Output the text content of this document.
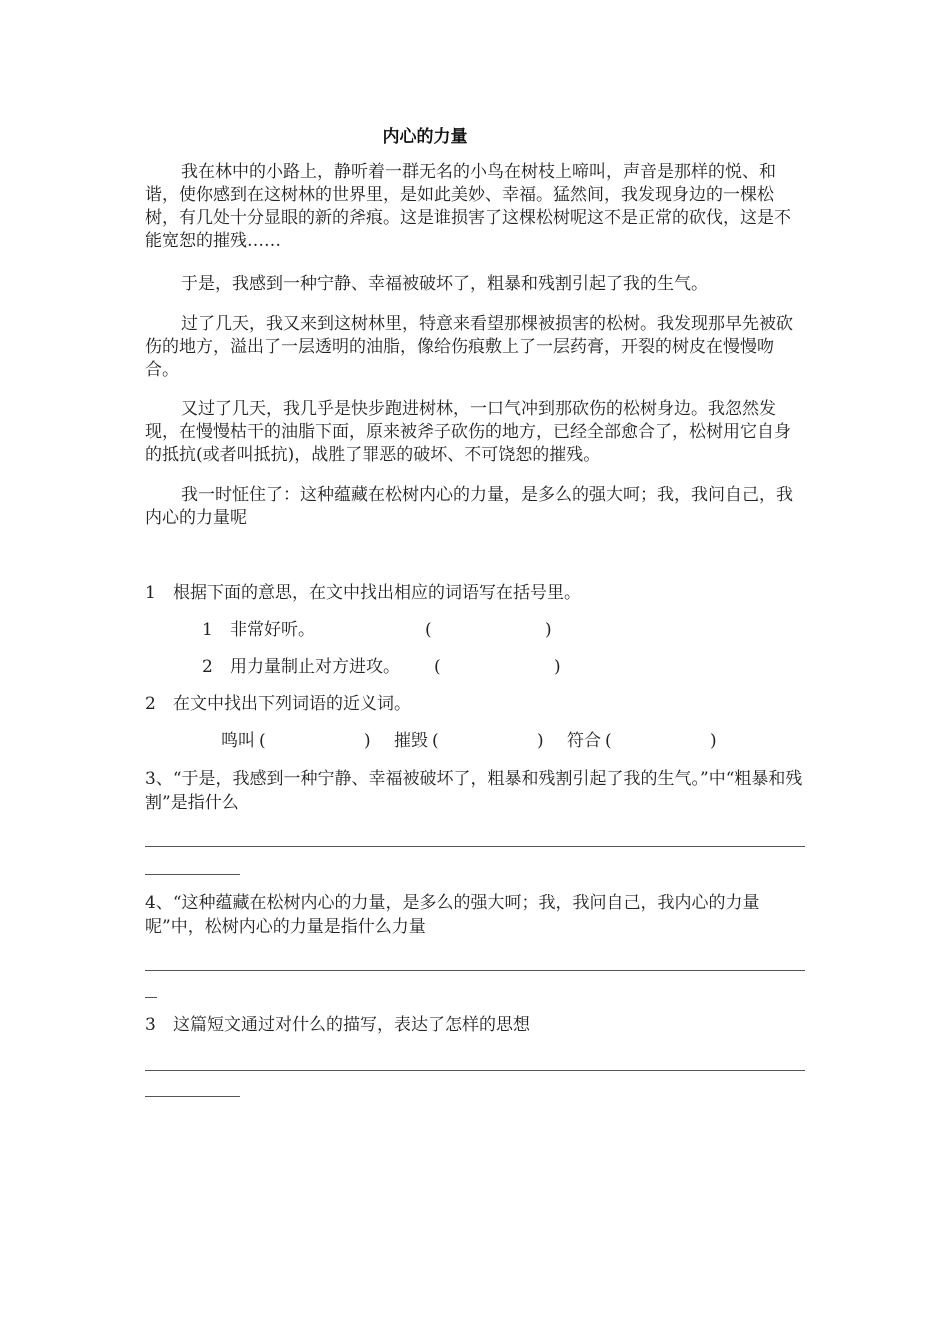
内心的力量

我在林中的小路上，静听着一群无名的小鸟在树枝上啼叫，声音是那样的悦、和谐，使你感到在这树林的世界里，是如此美妙、幸福。猛然间，我发现身边的一棵松树，有几处十分显眼的新的斧痕。这是谁损害了这棵松树呢这不是正常的砍伐，这是不能宽恕的摧残……

于是，我感到一种宁静、幸福被破坏了，粗暴和残割引起了我的生气。

过了几天，我又来到这树林里，特意来看望那棵被损害的松树。我发现那早先被砍伤的地方，溢出了一层透明的油脂，像给伤痕敷上了一层药膏，开裂的树皮在慢慢吻合。

又过了几天，我几乎是快步跑进树林，一口气冲到那砍伤的松树身边。我忽然发现，在慢慢枯干的油脂下面，原来被斧子砍伤的地方，已经全部愈合了，松树用它自身的抵抗(或者叫抵抗)，战胜了罪恶的破坏、不可饶恕的摧残。

我一时怔住了：这种蕴藏在松树内心的力量，是多么的强大呵；我，我问自己，我内心的力量呢

1 根据下面的意思，在文中找出相应的词语写在括号里。
1 非常好听。	(	)
2 用力量制止对方进攻。 (	)
2 在文中找出下列词语的近义词。
鸣叫 (	) 摧毁 (	) 符合 (	)
3、“于是，我感到一种宁静、幸福被破坏了，粗暴和残割引起了我的生气。”中“粗暴和残割”是指什么
4、“这种蕴藏在松树内心的力量，是多么的强大呵；我，我问自己，我内心的力量呢”中，松树内心的力量是指什么力量
3 这篇短文通过对什么的描写，表达了怎样的思想
